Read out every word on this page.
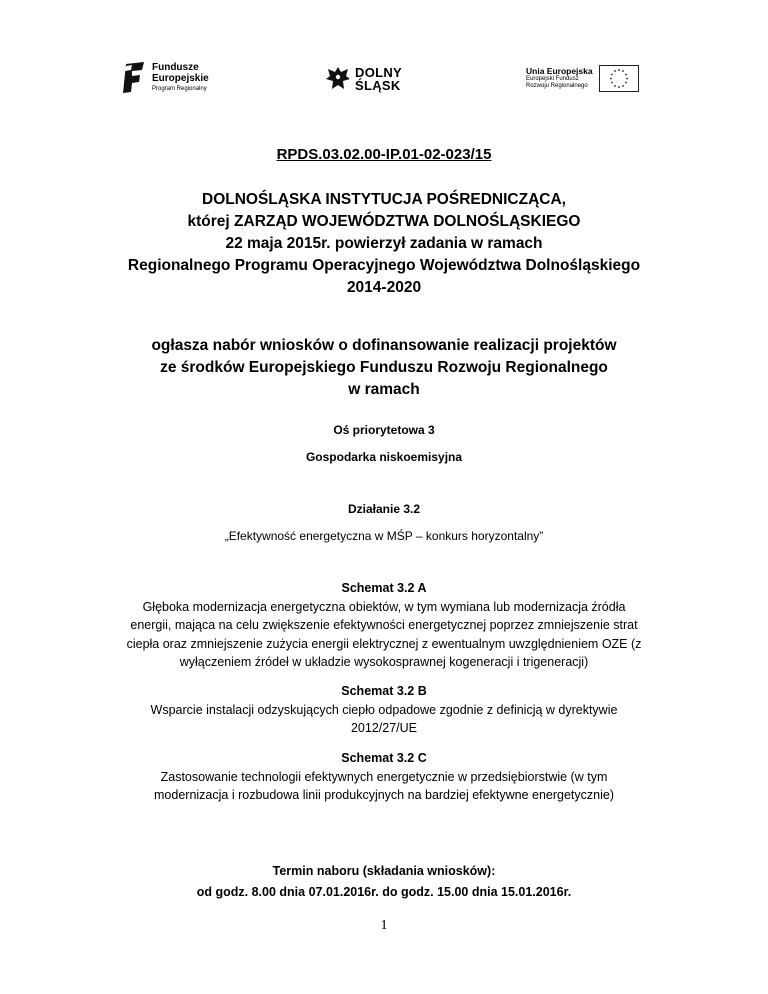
Fundusze
Europejskie
Program Regionalny
DOLNY
ŚLĄSK
Unia Europejska
Europejski Fundusz
Rozwoju Regionalnego
RPDS.03.02.00-IP.01-02-023/15
DOLNOŚLĄSKA INSTYTUCJA POŚREDNICZĄCA,
której ZARZĄD WOJEWÓDZTWA DOLNOŚLĄSKIEGO
22 maja 2015r. powierzył zadania w ramach
Regionalnego Programu Operacyjnego Województwa Dolnośląskiego
2014-2020
ogłasza nabór wniosków o dofinansowanie realizacji projektów
ze środków Europejskiego Funduszu Rozwoju Regionalnego
w ramach
Oś priorytetowa 3
Gospodarka niskoemisyjna
Działanie 3.2
„Efektywność energetyczna w MŚP – konkurs horyzontalny”
Schemat 3.2 A
Głęboka modernizacja energetyczna obiektów, w tym wymiana lub modernizacja źródła
energii, mająca na celu zwiększenie efektywności energetycznej poprzez zmniejszenie strat
ciepła oraz zmniejszenie zużycia energii elektrycznej z ewentualnym uwzględnieniem OZE (z
wyłączeniem źródeł w układzie wysokosprawnej kogeneracji i trigeneracji)
Schemat 3.2 B
Wsparcie instalacji odzyskujących ciepło odpadowe zgodnie z definicją w dyrektywie
2012/27/UE
Schemat 3.2 C
Zastosowanie technologii efektywnych energetycznie w przedsiębiorstwie (w tym
modernizacja i rozbudowa linii produkcyjnych na bardziej efektywne energetycznie)
Termin naboru (składania wniosków):
od godz. 8.00 dnia 07.01.2016r. do godz. 15.00 dnia 15.01.2016r.
1
